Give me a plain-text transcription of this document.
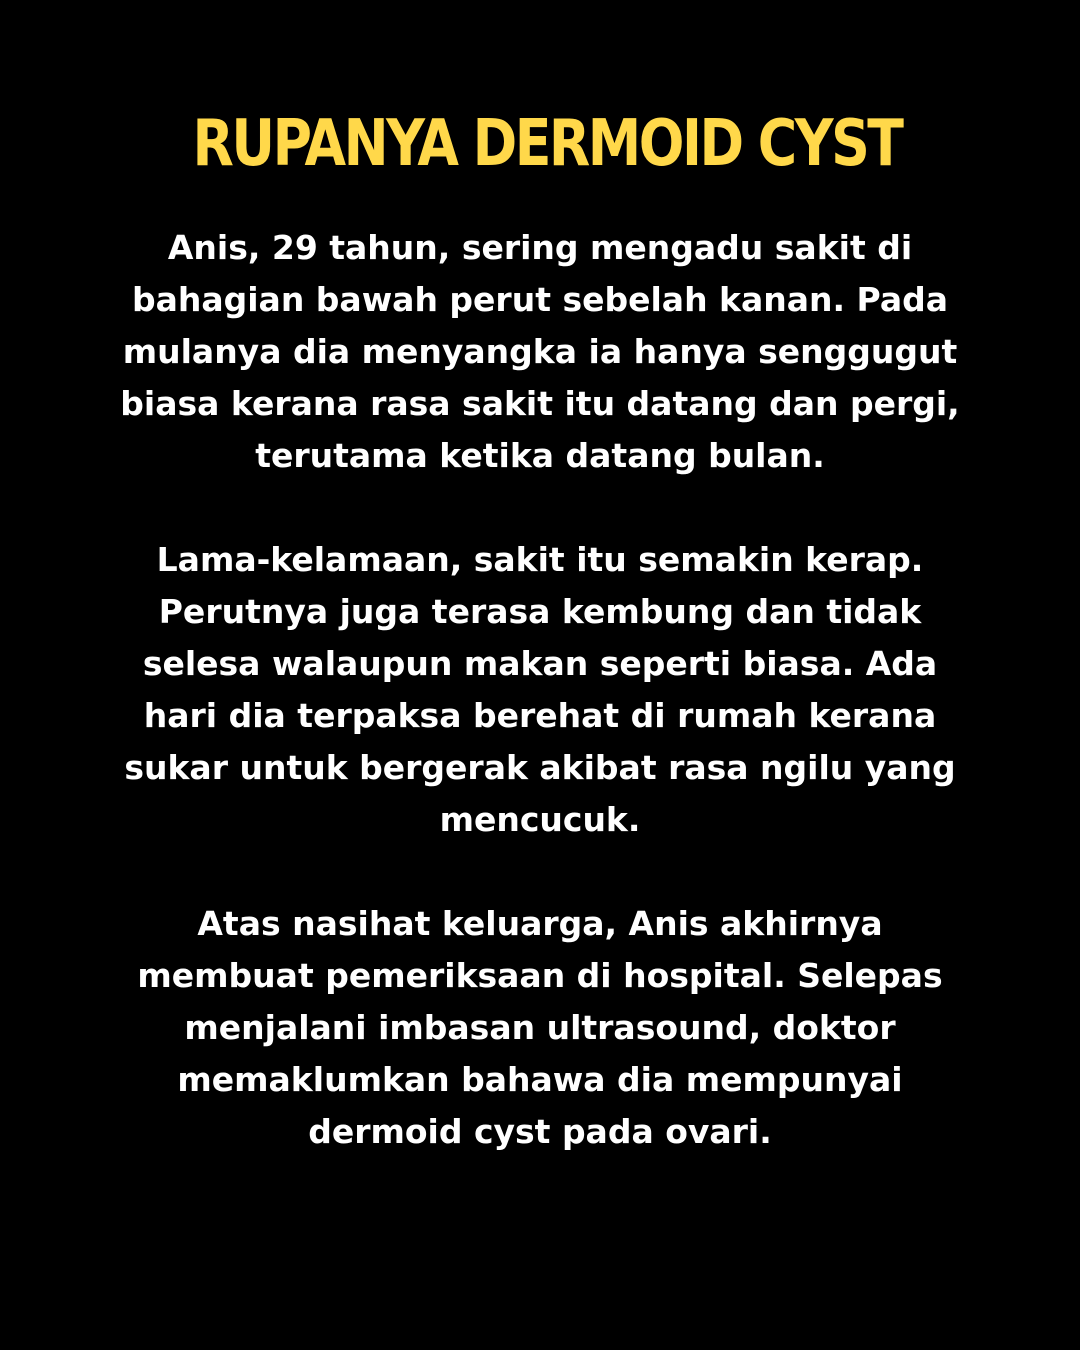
RUPANYA DERMOID CYST
Anis, 29 tahun, sering mengadu sakit di
bahagian bawah perut sebelah kanan. Pada
mulanya dia menyangka ia hanya senggugut
biasa kerana rasa sakit itu datang dan pergi,
terutama ketika datang bulan.
Lama-kelamaan, sakit itu semakin kerap.
Perutnya juga terasa kembung dan tidak
selesa walaupun makan seperti biasa. Ada
hari dia terpaksa berehat di rumah kerana
sukar untuk bergerak akibat rasa ngilu yang
mencucuk.
Atas nasihat keluarga, Anis akhirnya
membuat pemeriksaan di hospital. Selepas
menjalani imbasan ultrasound, doktor
memaklumkan bahawa dia mempunyai
dermoid cyst pada ovari.
